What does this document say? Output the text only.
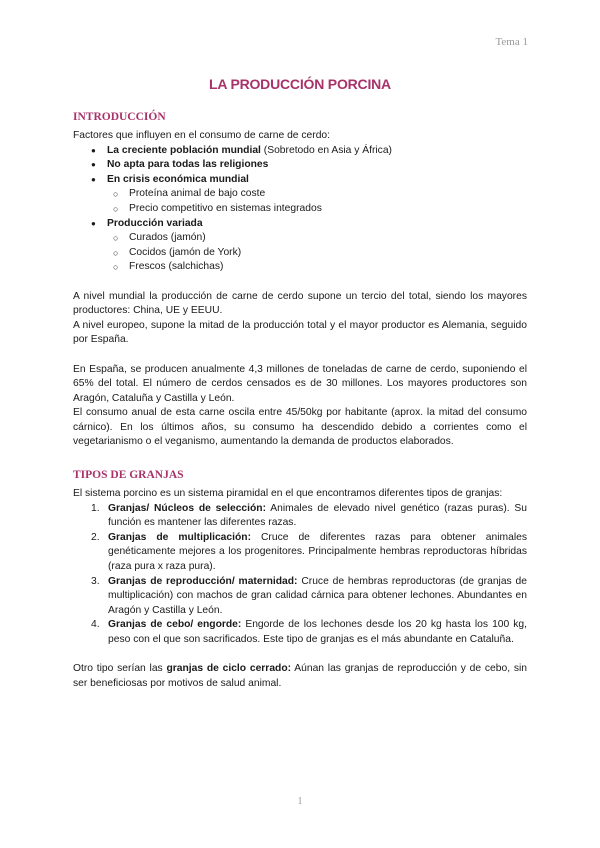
Tema 1
LA PRODUCCIÓN PORCINA
INTRODUCCIÓN

Factores que influyen en el consumo de carne de cerdo:

● La creciente población mundial (Sobretodo en Asia y África)
● No apta para todas las religiones
● En crisis económica mundial
○ Proteína animal de bajo coste
○ Precio competitivo en sistemas integrados
● Producción variada
○ Curados (jamón)
○ Cocidos (jamón de York)
○ Frescos (salchichas)

A nivel mundial la producción de carne de cerdo supone un tercio del total, siendo los mayores productores: China, UE y EEUU.

A nivel europeo, supone la mitad de la producción total y el mayor productor es Alemania, seguido por España.

En España, se producen anualmente 4,3 millones de toneladas de carne de cerdo, suponiendo el 65% del total. El número de cerdos censados es de 30 millones. Los mayores productores son Aragón, Cataluña y Castilla y León.

El consumo anual de esta carne oscila entre 45/50kg por habitante (aprox. la mitad del consumo cárnico). En los últimos años, su consumo ha descendido debido a corrientes como el vegetarianismo o el veganismo, aumentando la demanda de productos elaborados.

TIPOS DE GRANJAS

El sistema porcino es un sistema piramidal en el que encontramos diferentes tipos de granjas:

1. Granjas/ Núcleos de selección: Animales de elevado nivel genético (razas puras). Su función es mantener las diferentes razas.
2. Granjas de multiplicación: Cruce de diferentes razas para obtener animales genéticamente mejores a los progenitores. Principalmente hembras reproductoras híbridas (raza pura x raza pura).
3. Granjas de reproducción/ maternidad: Cruce de hembras reproductoras (de granjas de multiplicación) con machos de gran calidad cárnica para obtener lechones. Abundantes en Aragón y Castilla y León.
4. Granjas de cebo/ engorde: Engorde de los lechones desde los 20 kg hasta los 100 kg, peso con el que son sacrificados. Este tipo de granjas es el más abundante en Cataluña.

Otro tipo serían las granjas de ciclo cerrado: Aúnan las granjas de reproducción y de cebo, sin ser beneficiosas por motivos de salud animal.

1
